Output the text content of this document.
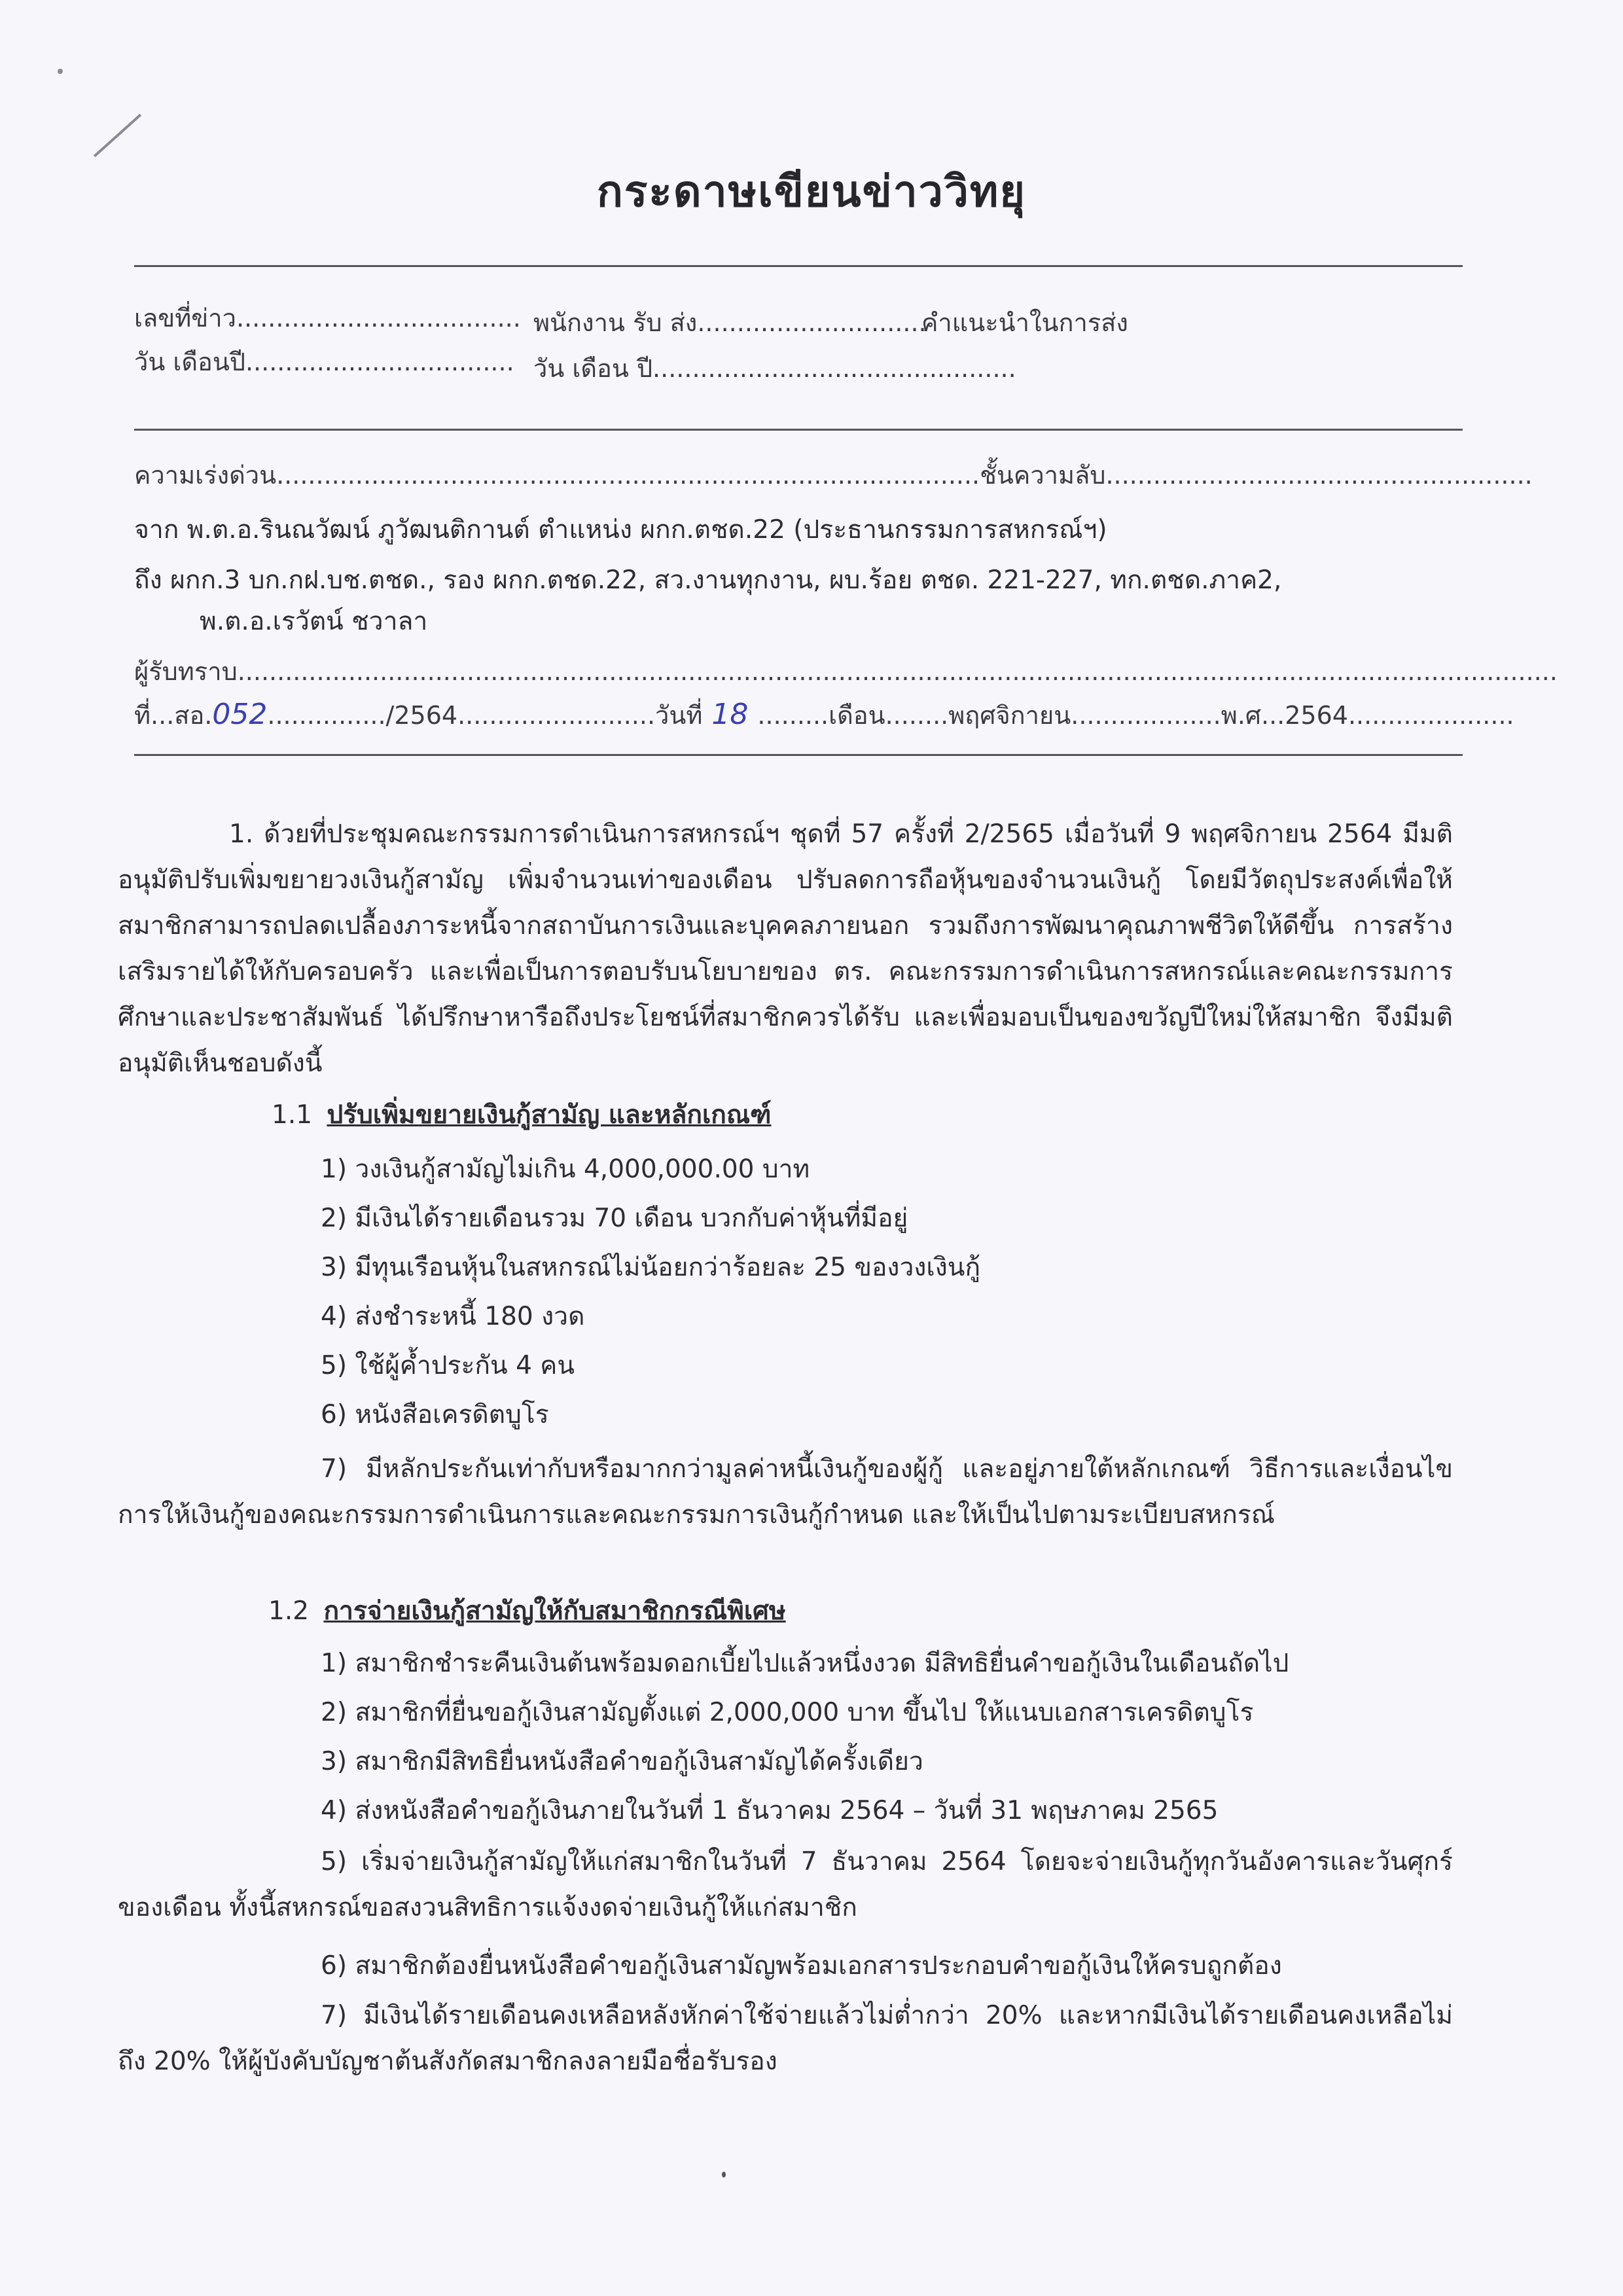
กระดาษเขียนข่าววิทยุ
เลขที่ข่าว....................................
วัน เดือนปี..................................
พนักงาน รับ ส่ง.............................
คำแนะนำในการส่ง
วัน เดือน ปี..............................................
ความเร่งด่วน.........................................................................................ชั้นความลับ......................................................
จาก พ.ต.อ.รินณวัฒน์ ภูวัฒนติกานต์ ตำแหน่ง ผกก.ตชด.22 (ประธานกรรมการสหกรณ์ฯ)
ถึง ผกก.3 บก.กฝ.บช.ตชด., รอง ผกก.ตชด.22, สว.งานทุกงาน, ผบ.ร้อย ตชด. 221-227, ทก.ตชด.ภาค2,
พ.ต.อ.เรวัตน์ ชวาลา
ผู้รับทราบ.......................................................................................................................................................................
ที่...สอ.052.............../2564.........................วันที่ 18 .........เดือน........พฤศจิกายน...................พ.ศ...2564.....................
1. ด้วยที่ประชุมคณะกรรมการดำเนินการสหกรณ์ฯ ชุดที่ 57 ครั้งที่ 2/2565 เมื่อวันที่ 9 พฤศจิกายน 2564 มีมติอนุมัติปรับเพิ่มขยายวงเงินกู้สามัญ เพิ่มจำนวนเท่าของเดือน ปรับลดการถือหุ้นของจำนวนเงินกู้ โดยมีวัตถุประสงค์เพื่อให้สมาชิกสามารถปลดเปลื้องภาระหนี้จากสถาบันการเงินและบุคคลภายนอก รวมถึงการพัฒนาคุณภาพชีวิตให้ดีขึ้น การสร้างเสริมรายได้ให้กับครอบครัว และเพื่อเป็นการตอบรับนโยบายของ ตร. คณะกรรมการดำเนินการสหกรณ์และคณะกรรมการศึกษาและประชาสัมพันธ์ ได้ปรึกษาหารือถึงประโยชน์ที่สมาชิกควรได้รับ และเพื่อมอบเป็นของขวัญปีใหม่ให้สมาชิก จึงมีมติอนุมัติเห็นชอบดังนี้
1.1 ปรับเพิ่มขยายเงินกู้สามัญ และหลักเกณฑ์
1) วงเงินกู้สามัญไม่เกิน 4,000,000.00 บาท
2) มีเงินได้รายเดือนรวม 70 เดือน บวกกับค่าหุ้นที่มีอยู่
3) มีทุนเรือนหุ้นในสหกรณ์ไม่น้อยกว่าร้อยละ 25 ของวงเงินกู้
4) ส่งชำระหนี้ 180 งวด
5) ใช้ผู้ค้ำประกัน 4 คน
6) หนังสือเครดิตบูโร
7) มีหลักประกันเท่ากับหรือมากกว่ามูลค่าหนี้เงินกู้ของผู้กู้ และอยู่ภายใต้หลักเกณฑ์ วิธีการและเงื่อนไข การให้เงินกู้ของคณะกรรมการดำเนินการและคณะกรรมการเงินกู้กำหนด และให้เป็นไปตามระเบียบสหกรณ์
1.2 การจ่ายเงินกู้สามัญให้กับสมาชิกกรณีพิเศษ
1) สมาชิกชำระคืนเงินต้นพร้อมดอกเบี้ยไปแล้วหนึ่งงวด มีสิทธิยื่นคำขอกู้เงินในเดือนถัดไป
2) สมาชิกที่ยื่นขอกู้เงินสามัญตั้งแต่ 2,000,000 บาท ขึ้นไป ให้แนบเอกสารเครดิตบูโร
3) สมาชิกมีสิทธิยื่นหนังสือคำขอกู้เงินสามัญได้ครั้งเดียว
4) ส่งหนังสือคำขอกู้เงินภายในวันที่ 1 ธันวาคม 2564 – วันที่ 31 พฤษภาคม 2565
5) เริ่มจ่ายเงินกู้สามัญให้แก่สมาชิกในวันที่ 7 ธันวาคม 2564 โดยจะจ่ายเงินกู้ทุกวันอังคารและวันศุกร์ของเดือน ทั้งนี้สหกรณ์ขอสงวนสิทธิการแจ้งงดจ่ายเงินกู้ให้แก่สมาชิก
6) สมาชิกต้องยื่นหนังสือคำขอกู้เงินสามัญพร้อมเอกสารประกอบคำขอกู้เงินให้ครบถูกต้อง
7) มีเงินได้รายเดือนคงเหลือหลังหักค่าใช้จ่ายแล้วไม่ต่ำกว่า 20% และหากมีเงินได้รายเดือนคงเหลือไม่ถึง 20% ให้ผู้บังคับบัญชาต้นสังกัดสมาชิกลงลายมือชื่อรับรอง
